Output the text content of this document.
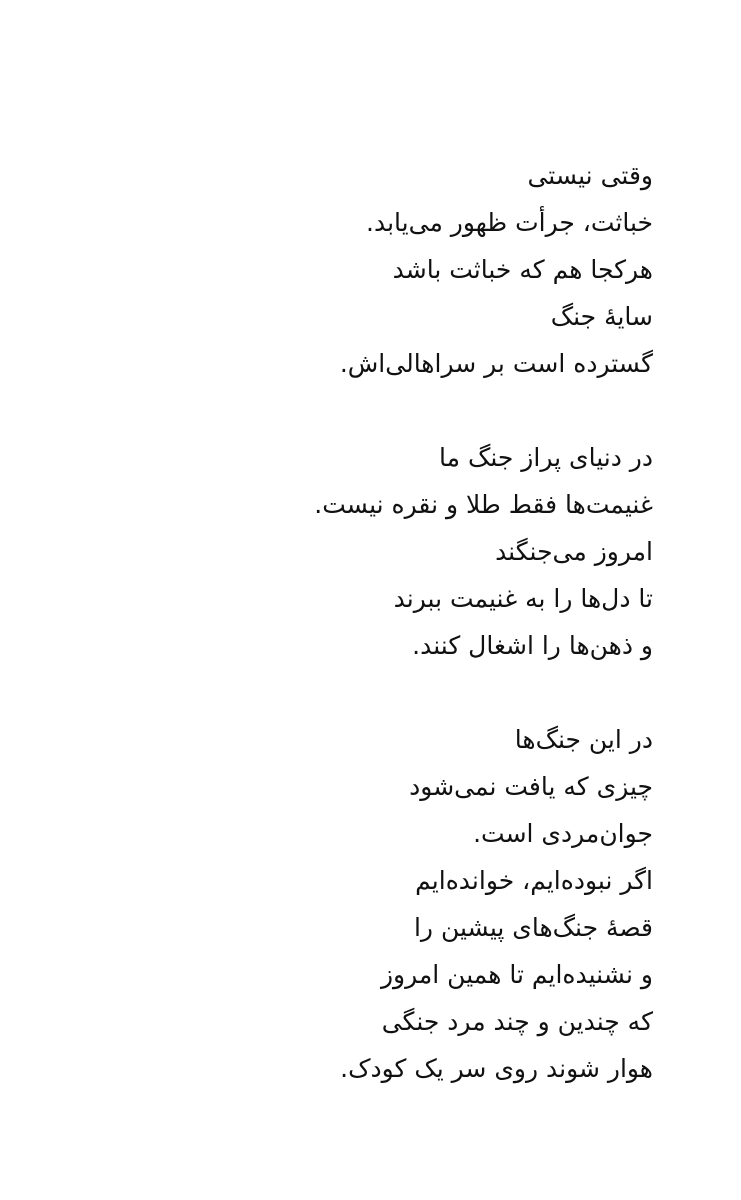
وقتی نیستی
خباثت، جرأت ظهور می‌یابد.
هرکجا هم که خباثت باشد
سایهٔ جنگ
گسترده است بر سرا‌هالی‌اش.

در دنیای پراز جنگ ما
غنیمت‌ها فقط طلا و نقره نیست.
امروز می‌جنگند
تا دل‌ها را به غنیمت ببرند
و ذهن‌ها را اشغال کنند.

در این جنگ‌ها
چیزی که یافت نمی‌شود
جوان‌مردی است.
اگر نبوده‌ایم، خوانده‌ایم
قصهٔ جنگ‌های پیشین را
و نشنیده‌ایم تا همین امروز
که چندین و چند مرد جنگی
هوار شوند روی سر یک کودک.
